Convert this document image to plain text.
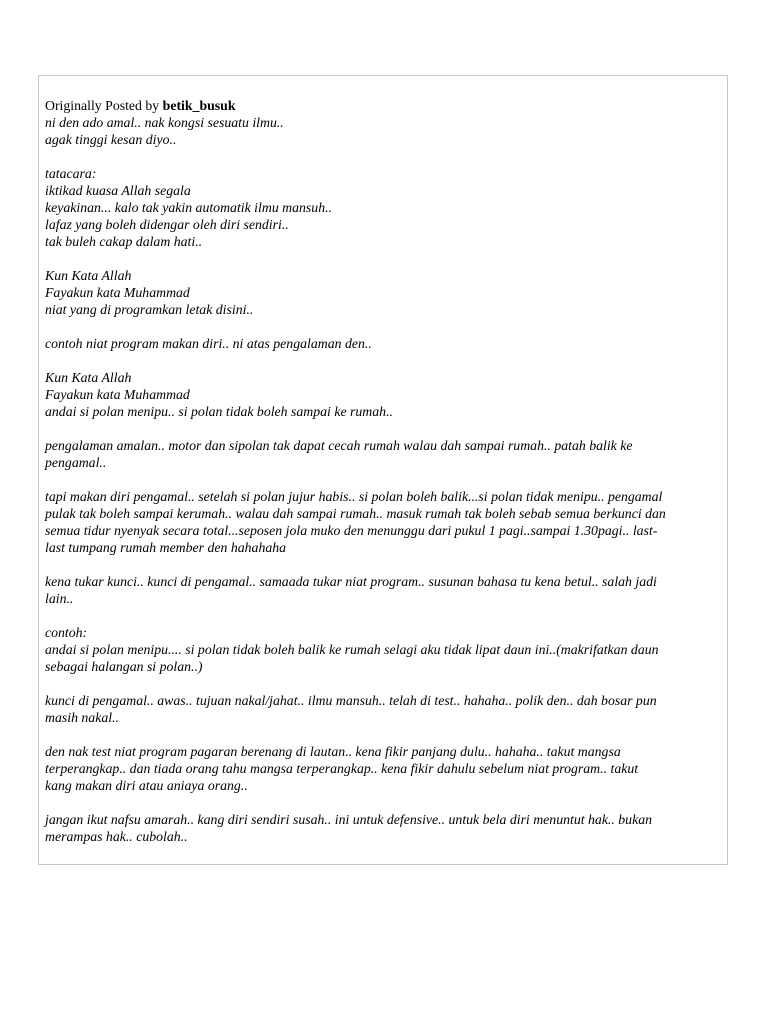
Originally Posted by betik_busuk
ni den ado amal.. nak kongsi sesuatu ilmu..
agak tinggi kesan diyo..
tatacara:
iktikad kuasa Allah segala
keyakinan... kalo tak yakin automatik ilmu mansuh..
lafaz yang boleh didengar oleh diri sendiri..
tak buleh cakap dalam hati..
Kun Kata Allah
Fayakun kata Muhammad
niat yang di programkan letak disini..
contoh niat program makan diri.. ni atas pengalaman den..
Kun Kata Allah
Fayakun kata Muhammad
andai si polan menipu.. si polan tidak boleh sampai ke rumah..
pengalaman amalan.. motor dan sipolan tak dapat cecah rumah walau dah sampai rumah.. patah balik ke
pengamal..
tapi makan diri pengamal.. setelah si polan jujur habis.. si polan boleh balik...si polan tidak menipu.. pengamal
pulak tak boleh sampai kerumah.. walau dah sampai rumah.. masuk rumah tak boleh sebab semua berkunci dan
semua tidur nyenyak secara total...seposen jola muko den menunggu dari pukul 1 pagi..sampai 1.30pagi.. last-
last tumpang rumah member den hahahaha
kena tukar kunci.. kunci di pengamal.. samaada tukar niat program.. susunan bahasa tu kena betul.. salah jadi
lain..
contoh:
andai si polan menipu.... si polan tidak boleh balik ke rumah selagi aku tidak lipat daun ini..(makrifatkan daun
sebagai halangan si polan..)
kunci di pengamal.. awas.. tujuan nakal/jahat.. ilmu mansuh.. telah di test.. hahaha.. polik den.. dah bosar pun
masih nakal..
den nak test niat program pagaran berenang di lautan.. kena fikir panjang dulu.. hahaha.. takut mangsa
terperangkap.. dan tiada orang tahu mangsa terperangkap.. kena fikir dahulu sebelum niat program.. takut
kang makan diri atau aniaya orang..
jangan ikut nafsu amarah.. kang diri sendiri susah.. ini untuk defensive.. untuk bela diri menuntut hak.. bukan
merampas hak.. cubolah..
